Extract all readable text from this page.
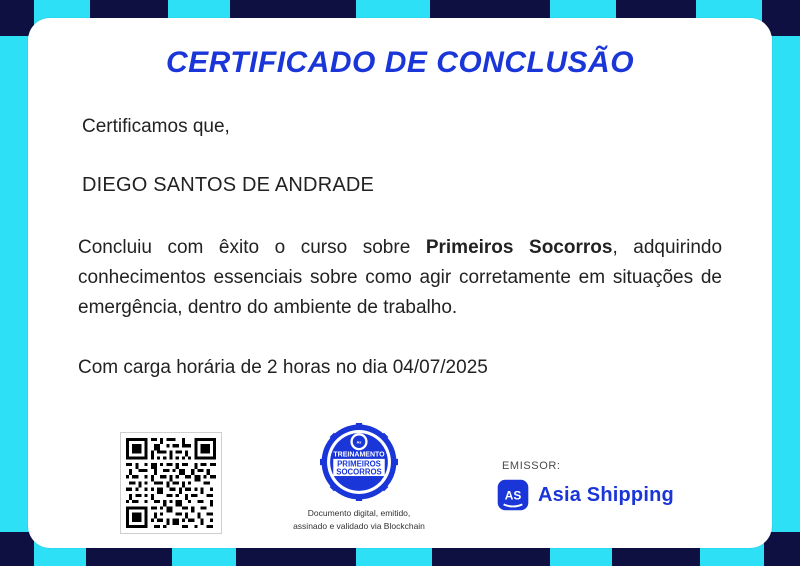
CERTIFICADO DE CONCLUSÃO
Certificamos que,
DIEGO SANTOS DE ANDRADE
Concluiu com êxito o curso sobre Primeiros Socorros, adquirindo conhecimentos essenciais sobre como agir corretamente em situações de emergência, dentro do ambiente de trabalho.
Com carga horária de 2 horas no dia 04/07/2025
As
TREINAMENTO
PRIMEIROS
SOCORROS
Documento digital, emitido,
assinado e validado via Blockchain
EMISSOR:
AS Asia Shipping
